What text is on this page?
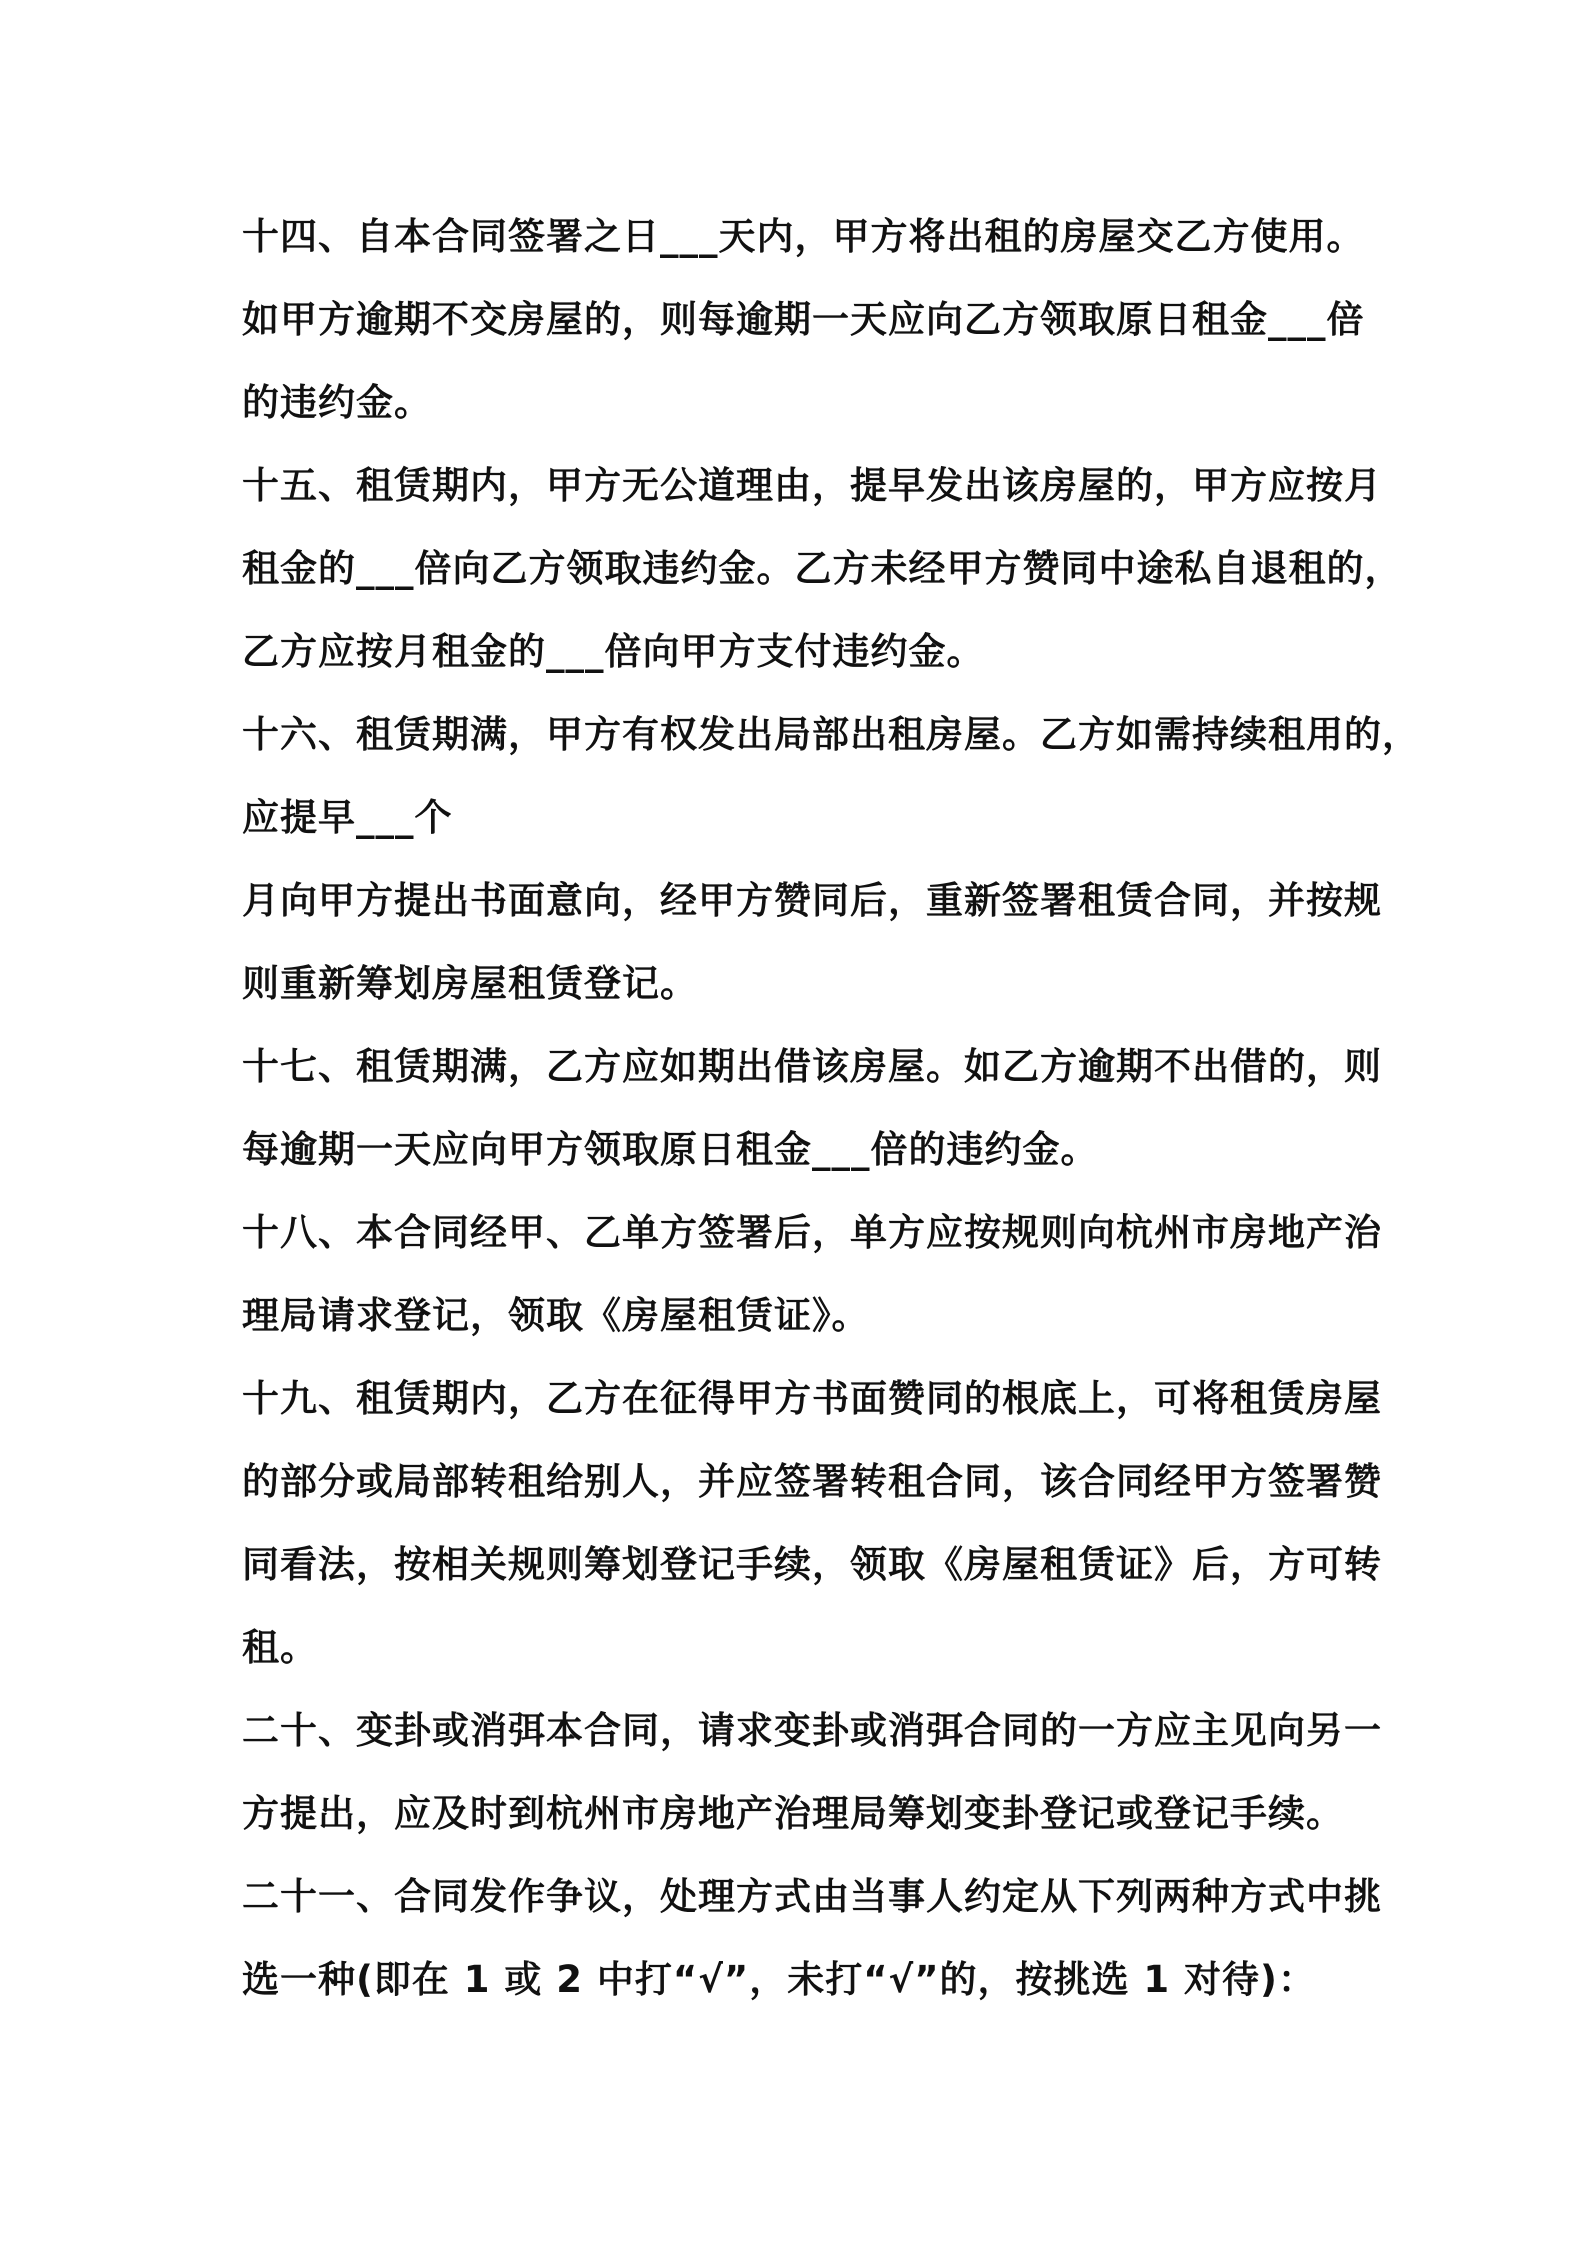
十四、自本合同签署之日___天内，甲方将出租的房屋交乙方使用。
如甲方逾期不交房屋的，则每逾期一天应向乙方领取原日租金___倍
的违约金。
十五、租赁期内，甲方无公道理由，提早发出该房屋的，甲方应按月
租金的___倍向乙方领取违约金。乙方未经甲方赞同中途私自退租的，
乙方应按月租金的___倍向甲方支付违约金。
十六、租赁期满，甲方有权发出局部出租房屋。乙方如需持续租用的，
应提早___个
月向甲方提出书面意向，经甲方赞同后，重新签署租赁合同，并按规
则重新筹划房屋租赁登记。
十七、租赁期满，乙方应如期出借该房屋。如乙方逾期不出借的，则
每逾期一天应向甲方领取原日租金___倍的违约金。
十八、本合同经甲、乙单方签署后，单方应按规则向杭州市房地产治
理局请求登记，领取《房屋租赁证》。
十九、租赁期内，乙方在征得甲方书面赞同的根底上，可将租赁房屋
的部分或局部转租给别人，并应签署转租合同，该合同经甲方签署赞
同看法，按相关规则筹划登记手续，领取《房屋租赁证》后，方可转
租。
二十、变卦或消弭本合同，请求变卦或消弭合同的一方应主见向另一
方提出，应及时到杭州市房地产治理局筹划变卦登记或登记手续。
二十一、合同发作争议，处理方式由当事人约定从下列两种方式中挑
选一种(即在 1 或 2 中打“√”，未打“√”的，按挑选 1 对待)：
